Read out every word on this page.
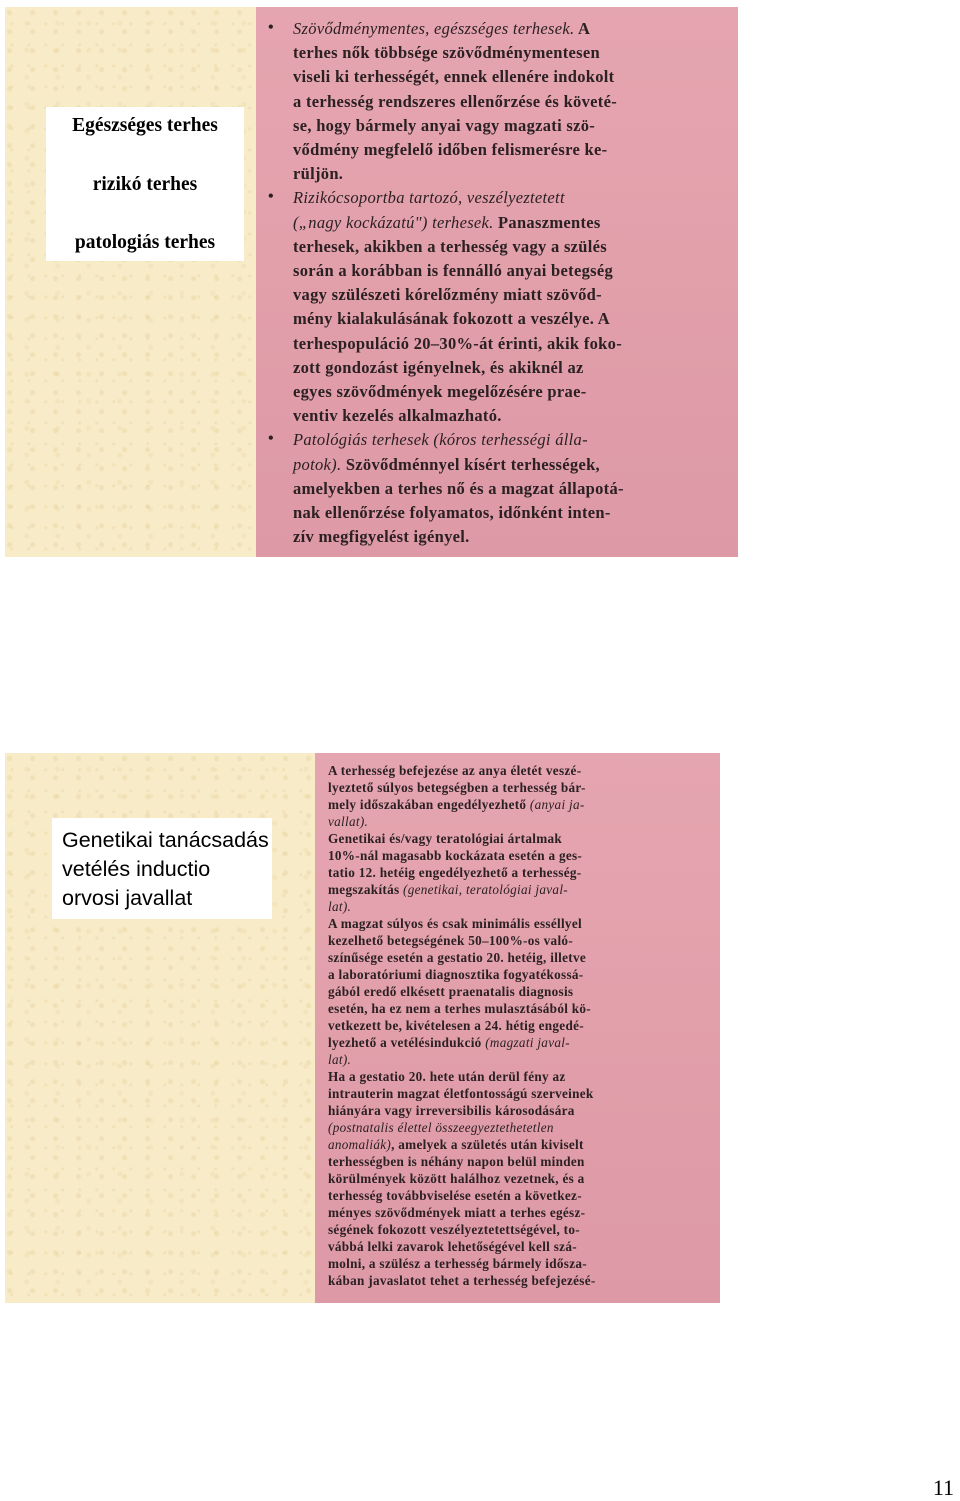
Egészséges terhes
rizikó terhes
patologiás terhes
• Szövődménymentes, egészséges terhesek. A
terhes nők többsége szövődménymentesen
viseli ki terhességét, ennek ellenére indokolt
a terhesség rendszeres ellenőrzése és követé-
se, hogy bármely anyai vagy magzati szö-
vődmény megfelelő időben felismerésre ke-
rüljön.
• Rizikócsoportba tartozó, veszélyeztetett
(„nagy kockázatú") terhesek. Panaszmentes
terhesek, akikben a terhesség vagy a szülés
során a korábban is fennálló anyai betegség
vagy szülészeti kórelőzmény miatt szövőd-
mény kialakulásának fokozott a veszélye. A
terhespopuláció 20–30%-át érinti, akik foko-
zott gondozást igényelnek, és akiknél az
egyes szövődmények megelőzésére prae-
ventiv kezelés alkalmazható.
• Patológiás terhesek (kóros terhességi álla-
potok). Szövődménnyel kísért terhességek,
amelyekben a terhes nő és a magzat állapotá-
nak ellenőrzése folyamatos, időnként inten-
zív megfigyelést igényel.
Genetikai tanácsadás
vetélés inductio
orvosi javallat
A terhesség befejezése az anya életét veszé-
lyeztető súlyos betegségben a terhesség bár-
mely időszakában engedélyezhető (anyai ja-
vallat).
Genetikai és/vagy teratológiai ártalmak
10%-nál magasabb kockázata esetén a ges-
tatio 12. hetéig engedélyezhető a terhesség-
megszakítás (genetikai, teratológiai javal-
lat).
A magzat súlyos és csak minimális esséllyel
kezelhető betegségének 50–100%-os való-
színűsége esetén a gestatio 20. hetéig, illetve
a laboratóriumi diagnosztika fogyatékossá-
gából eredő elkésett praenatalis diagnosis
esetén, ha ez nem a terhes mulasztásából kö-
vetkezett be, kivételesen a 24. hétig engedé-
lyezhető a vetélésindukció (magzati javal-
lat).
Ha a gestatio 20. hete után derül fény az
intrauterin magzat életfontosságú szerveinek
hiányára vagy irreversibilis károsodására
(postnatalis élettel összeegyeztethetetlen
anomaliák), amelyek a születés után kiviselt
terhességben is néhány napon belül minden
körülmények között halálhoz vezetnek, és a
terhesség továbbviselése esetén a következ-
ményes szövődmények miatt a terhes egész-
ségének fokozott veszélyeztetettségével, to-
vábbá lelki zavarok lehetőségével kell szá-
molni, a szülész a terhesség bármely idősza-
kában javaslatot tehet a terhesség befejezésé-
11
